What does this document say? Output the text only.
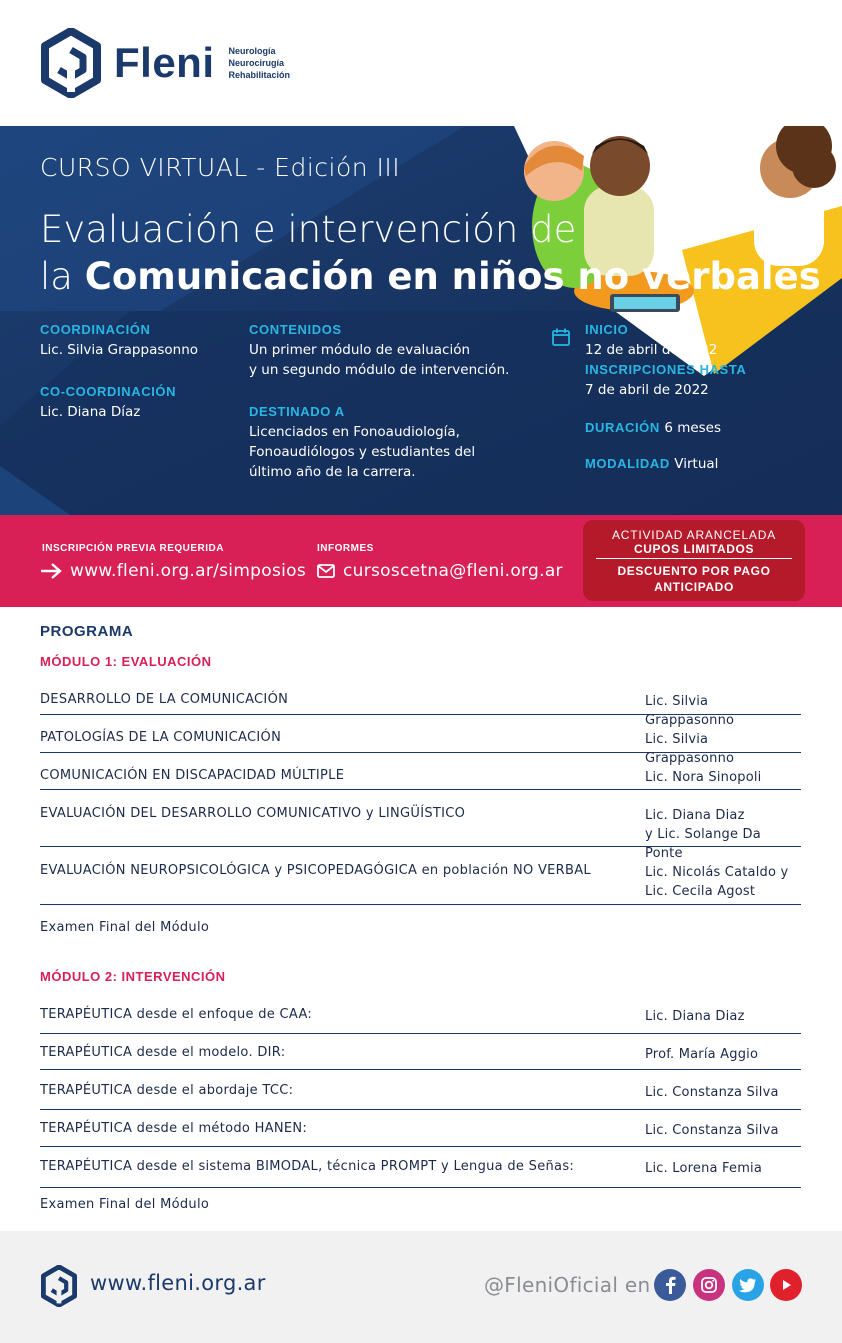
Fleni Neurología
Neurocirugía
Rehabilitación
CURSO VIRTUAL - Edición III
Evaluación e intervención de
la Comunicación en niños no verbales
COORDINACIÓN
Lic. Silvia Grappasonno
CO-COORDINACIÓN
Lic. Diana Díaz
CONTENIDOS
Un primer módulo de evaluación
y un segundo módulo de intervención.
DESTINADO A
Licenciados en Fonoaudiología,
Fonoaudiólogos y estudiantes del
último año de la carrera.
INICIO
12 de abril de 2022
INSCRIPCIONES HASTA
7 de abril de 2022
DURACIÓN 6 meses
MODALIDAD Virtual
INSCRIPCIÓN PREVIA REQUERIDA
www.fleni.org.ar/simposios
INFORMES
cursoscetna@fleni.org.ar
ACTIVIDAD ARANCELADA
CUPOS LIMITADOS
DESCUENTO POR PAGO
ANTICIPADO
PROGRAMA
MÓDULO 1: EVALUACIÓN
DESARROLLO DE LA COMUNICACIÓN	Lic. Silvia Grappasonno
PATOLOGÍAS DE LA COMUNICACIÓN	Lic. Silvia Grappasonno
COMUNICACIÓN EN DISCAPACIDAD MÚLTIPLE	Lic. Nora Sinopoli
EVALUACIÓN DEL DESARROLLO COMUNICATIVO y LINGÜÍSTICO	Lic. Diana Diaz
y Lic. Solange Da Ponte
EVALUACIÓN NEUROPSICOLÓGICA y PSICOPEDAGÓGICA en población NO VERBAL	Lic. Nicolás Cataldo y
Lic. Cecila Agost
Examen Final del Módulo
MÓDULO 2: INTERVENCIÓN
TERAPÉUTICA desde el enfoque de CAA:	Lic. Diana Diaz
TERAPÉUTICA desde el modelo. DIR:	Prof. María Aggio
TERAPÉUTICA desde el abordaje TCC:	Lic. Constanza Silva
TERAPÉUTICA desde el método HANEN:	Lic. Constanza Silva
TERAPÉUTICA desde el sistema BIMODAL, técnica PROMPT y Lengua de Señas:	Lic. Lorena Femia
Examen Final del Módulo
www.fleni.org.ar	@FleniOficial en
